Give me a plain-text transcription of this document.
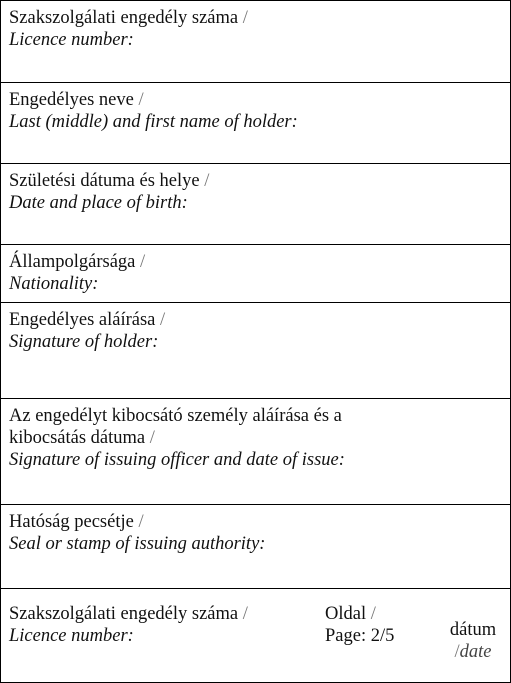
Szakszolgálati engedély száma /
Licence number:
Engedélyes neve /
Last (middle) and first name of holder:
Születési dátuma és helye /
Date and place of birth:
Állampolgársága /
Nationality:
Engedélyes aláírása /
Signature of holder:
Az engedélyt kibocsátó személy aláírása és a
kibocsátás dátuma /
Signature of issuing officer and date of issue:
Hatóság pecsétje /
Seal or stamp of issuing authority:
Szakszolgálati engedély száma /
Licence number:
Oldal /
Page: 2/5	dátum
/date
